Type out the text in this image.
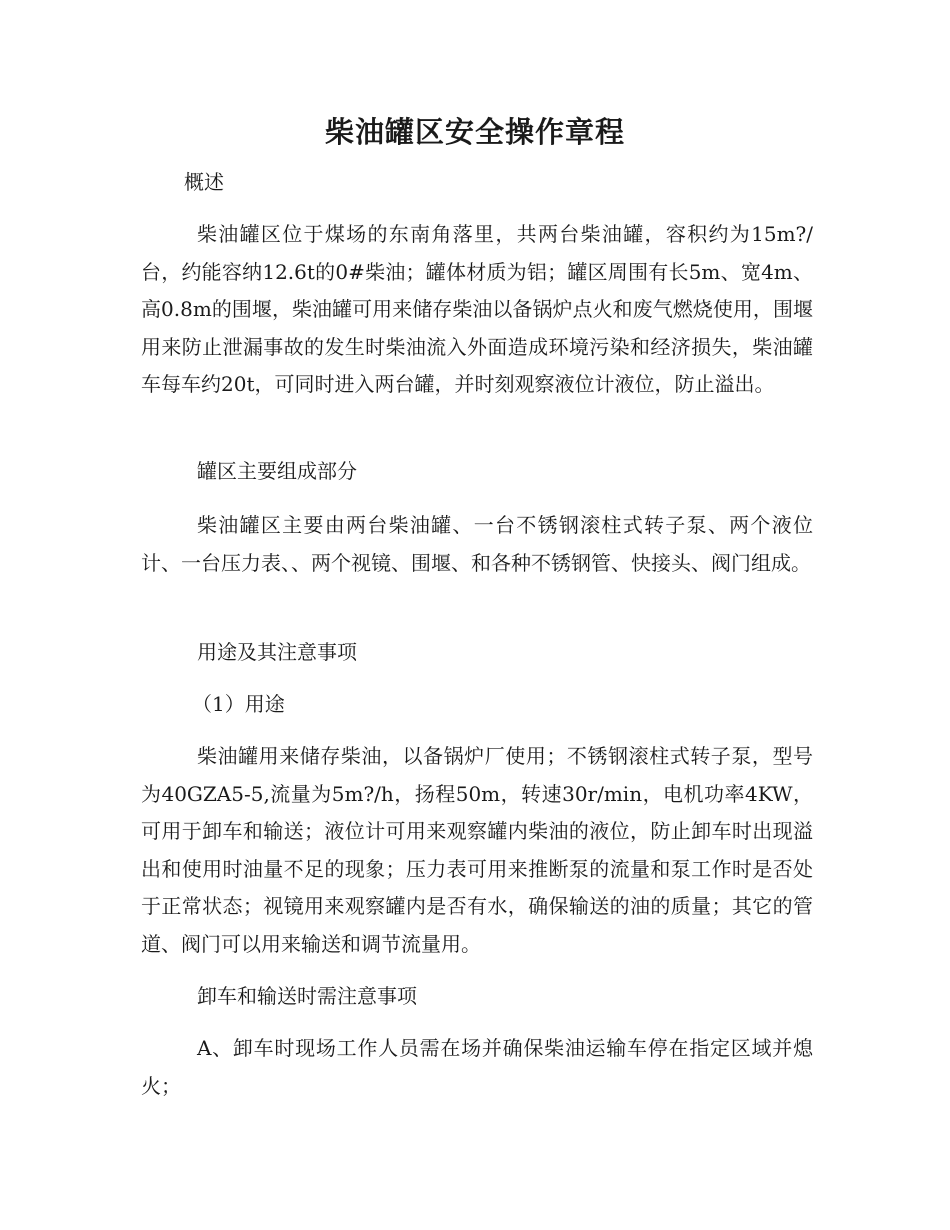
柴油罐区安全操作章程

概述

柴油罐区位于煤场的东南角落里，共两台柴油罐，容积约为15m?/台，约能容纳12.6t的0#柴油；罐体材质为铝；罐区周围有长5m、宽4m、高0.8m的围堰，柴油罐可用来储存柴油以备锅炉点火和废气燃烧使用，围堰用来防止泄漏事故的发生时柴油流入外面造成环境污染和经济损失，柴油罐车每车约20t，可同时进入两台罐，并时刻观察液位计液位，防止溢出。

罐区主要组成部分

柴油罐区主要由两台柴油罐、一台不锈钢滚柱式转子泵、两个液位计、一台压力表、、两个视镜、围堰、和各种不锈钢管、快接头、阀门组成。

用途及其注意事项

（1）用途

柴油罐用来储存柴油，以备锅炉厂使用；不锈钢滚柱式转子泵，型号为40GZA5-5,流量为5m?/h，扬程50m，转速30r/min，电机功率4KW，可用于卸车和输送；液位计可用来观察罐内柴油的液位，防止卸车时出现溢出和使用时油量不足的现象；压力表可用来推断泵的流量和泵工作时是否处于正常状态；视镜用来观察罐内是否有水，确保输送的油的质量；其它的管道、阀门可以用来输送和调节流量用。

卸车和输送时需注意事项

A、卸车时现场工作人员需在场并确保柴油运输车停在指定区域并熄火；
